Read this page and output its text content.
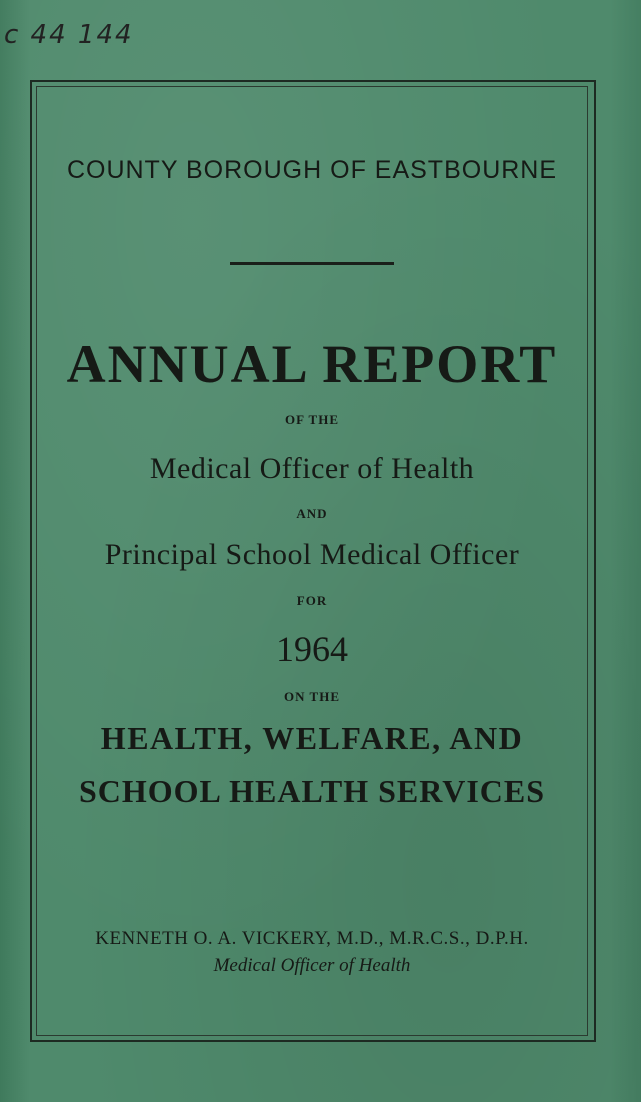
c 44 144
COUNTY BOROUGH OF EASTBOURNE
ANNUAL REPORT
OF THE
Medical Officer of Health
AND
Principal School Medical Officer
FOR
1964
ON THE
HEALTH, WELFARE, AND
SCHOOL HEALTH SERVICES
KENNETH O. A. VICKERY, M.D., M.R.C.S., D.P.H.
Medical Officer of Health
